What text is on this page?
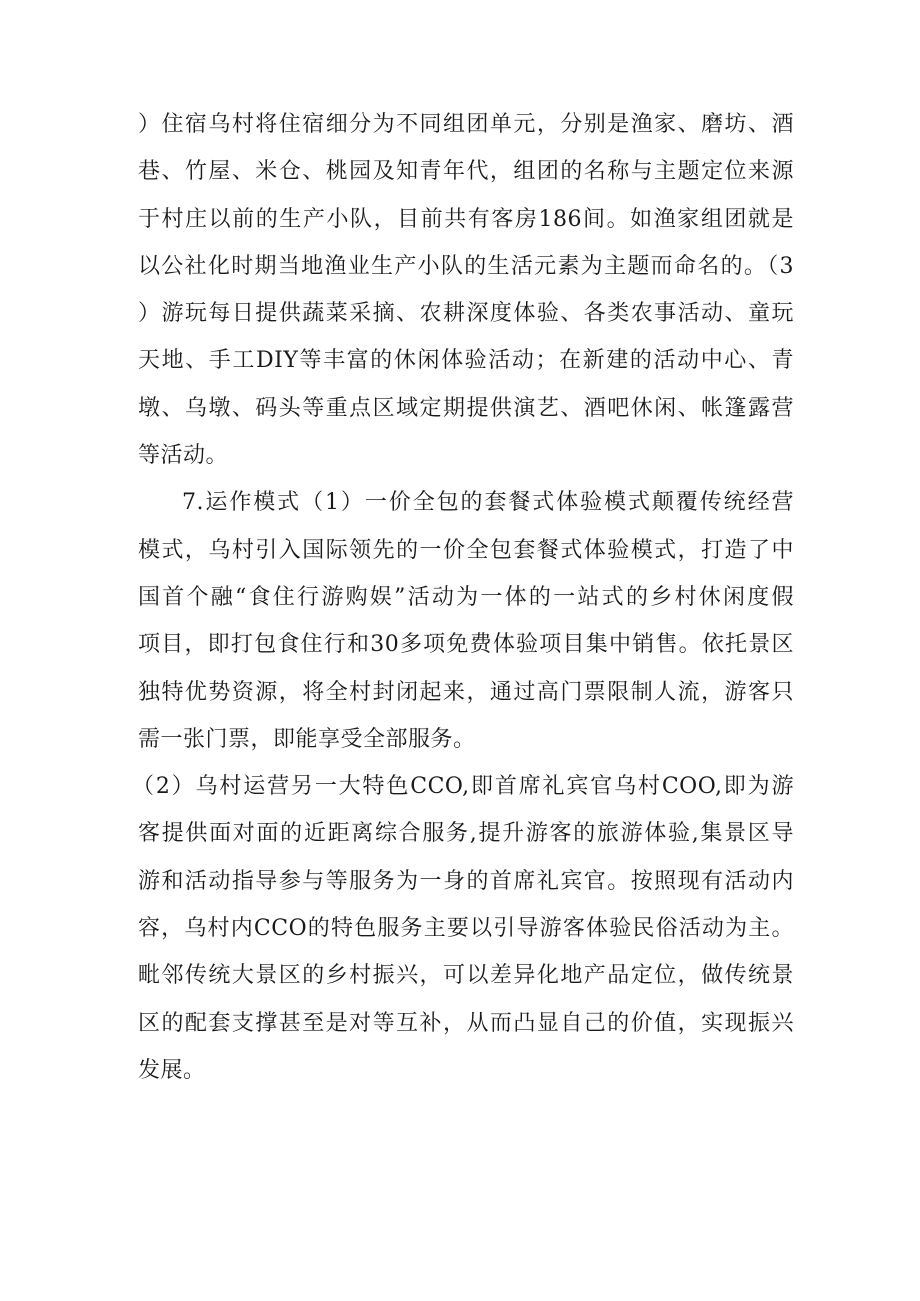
）住宿乌村将住宿细分为不同组团单元，分别是渔家、磨坊、酒
巷、竹屋、米仓、桃园及知青年代，组团的名称与主题定位来源
于村庄以前的生产小队，目前共有客房186间。如渔家组团就是
以公社化时期当地渔业生产小队的生活元素为主题而命名的。（3
）游玩每日提供蔬菜采摘、农耕深度体验、各类农事活动、童玩
天地、手工DIY等丰富的休闲体验活动；在新建的活动中心、青
墩、乌墩、码头等重点区域定期提供演艺、酒吧休闲、帐篷露营
等活动。
7.运作模式（1）一价全包的套餐式体验模式颠覆传统经营
模式，乌村引入国际领先的一价全包套餐式体验模式，打造了中
国首个融“食住行游购娱”活动为一体的一站式的乡村休闲度假
项目，即打包食住行和30多项免费体验项目集中销售。依托景区
独特优势资源，将全村封闭起来，通过高门票限制人流，游客只
需一张门票，即能享受全部服务。
（2）乌村运营另一大特色CCO,即首席礼宾官乌村COO,即为游
客提供面对面的近距离综合服务,提升游客的旅游体验,集景区导
游和活动指导参与等服务为一身的首席礼宾官。按照现有活动内
容，乌村内CCO的特色服务主要以引导游客体验民俗活动为主。
毗邻传统大景区的乡村振兴，可以差异化地产品定位，做传统景
区的配套支撑甚至是对等互补，从而凸显自己的价值，实现振兴
发展。
